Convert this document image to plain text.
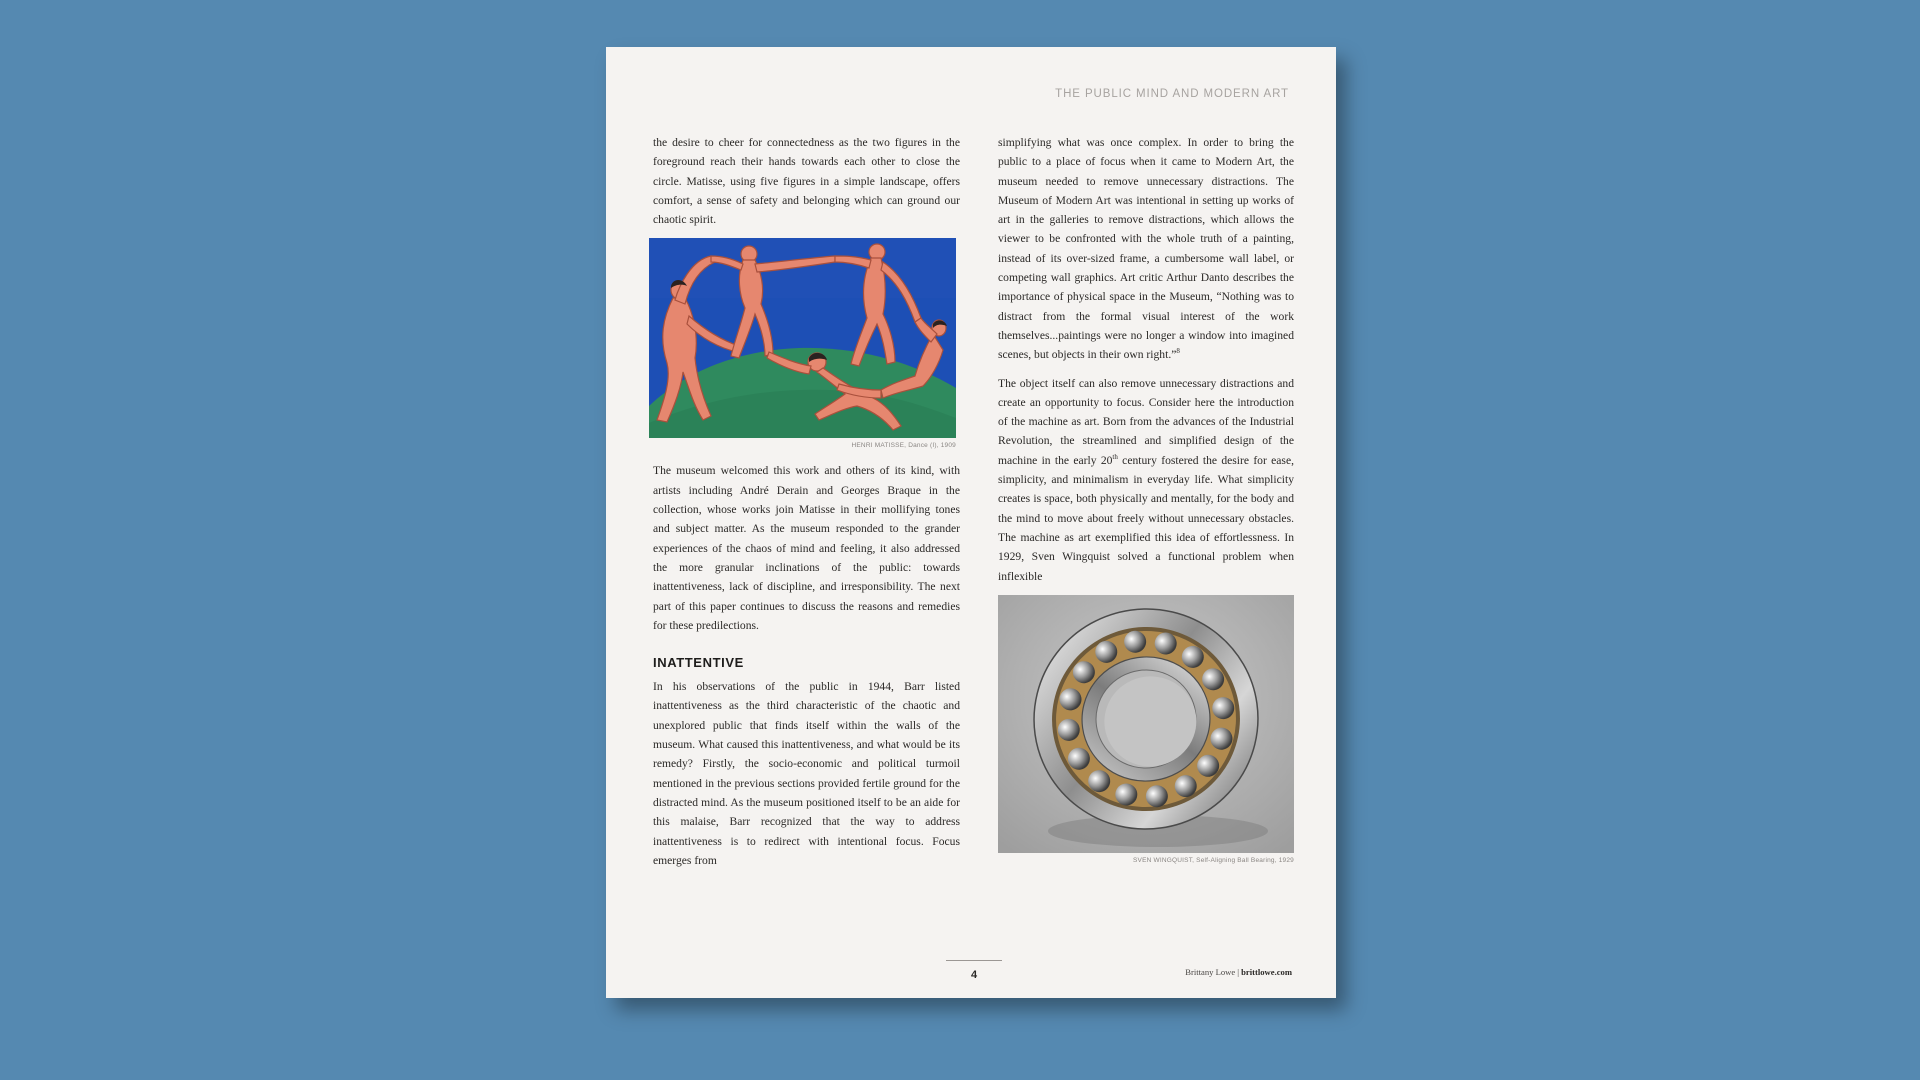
THE PUBLIC MIND AND MODERN ART

the desire to cheer for connectedness as the two figures in the foreground reach their hands towards each other to close the circle. Matisse, using five figures in a simple landscape, offers comfort, a sense of safety and belonging which can ground our chaotic spirit.

HENRI MATISSE, Dance (I), 1909

The museum welcomed this work and others of its kind, with artists including André Derain and Georges Braque in the collection, whose works join Matisse in their mollifying tones and subject matter. As the museum responded to the grander experiences of the chaos of mind and feeling, it also addressed the more granular inclinations of the public: towards inattentiveness, lack of discipline, and irresponsibility. The next part of this paper continues to discuss the reasons and remedies for these predilections.

INATTENTIVE

In his observations of the public in 1944, Barr listed inattentiveness as the third characteristic of the chaotic and unexplored public that finds itself within the walls of the museum. What caused this inattentiveness, and what would be its remedy? Firstly, the socio-economic and political turmoil mentioned in the previous sections provided fertile ground for the distracted mind. As the museum positioned itself to be an aide for this malaise, Barr recognized that the way to address inattentiveness is to redirect with intentional focus. Focus emerges from

simplifying what was once complex. In order to bring the public to a place of focus when it came to Modern Art, the museum needed to remove unnecessary distractions. The Museum of Modern Art was intentional in setting up works of art in the galleries to remove distractions, which allows the viewer to be confronted with the whole truth of a painting, instead of its over-sized frame, a cumbersome wall label, or competing wall graphics. Art critic Arthur Danto describes the importance of physical space in the Museum, “Nothing was to distract from the formal visual interest of the work themselves...paintings were no longer a window into imagined scenes, but objects in their own right.”$^8$

The object itself can also remove unnecessary distractions and create an opportunity to focus. Consider here the introduction of the machine as art. Born from the advances of the Industrial Revolution, the streamlined and simplified design of the machine in the early 20th century fostered the desire for ease, simplicity, and minimalism in everyday life. What simplicity creates is space, both physically and mentally, for the body and the mind to move about freely without unnecessary obstacles. The machine as art exemplified this idea of effortlessness. In 1929, Sven Wingquist solved a functional problem when inflexible

SVEN WINGQUIST, Self-Aligning Ball Bearing, 1929
4	Brittany Lowe | brittlowe.com
